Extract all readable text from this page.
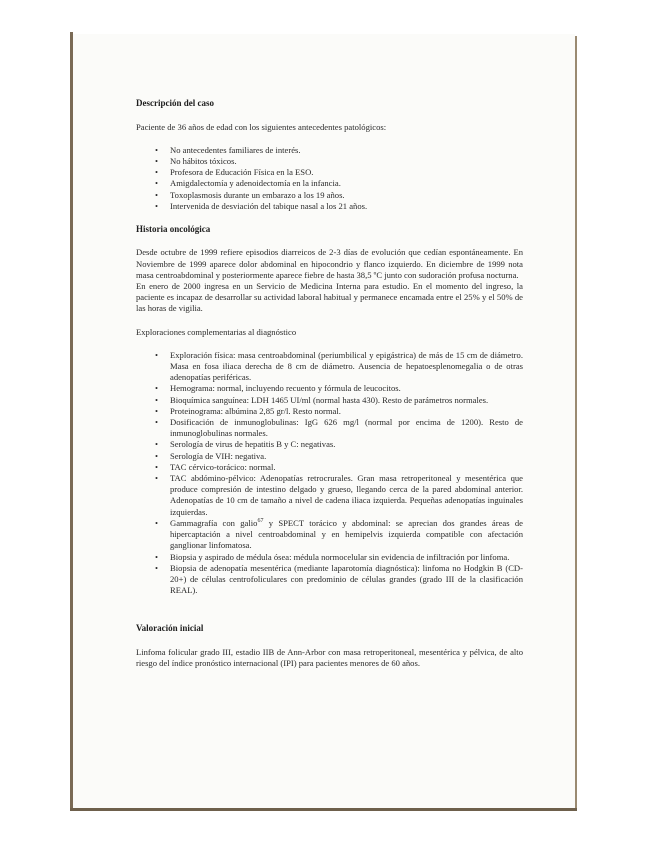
Descripción del caso

Paciente de 36 años de edad con los siguientes antecedentes patológicos:

• No antecedentes familiares de interés.
• No hábitos tóxicos.
• Profesora de Educación Física en la ESO.
• Amigdalectomía y adenoidectomía en la infancia.
• Toxoplasmosis durante un embarazo a los 19 años.
• Intervenida de desviación del tabique nasal a los 21 años.
Historia oncológica

Desde octubre de 1999 refiere episodios diarreicos de 2-3 días de evolución que cedían espontáneamente. En Noviembre de 1999 aparece dolor abdominal en hipocondrio y flanco izquierdo. En diciembre de 1999 nota masa centroabdominal y posteriormente aparece fiebre de hasta 38,5 ºC junto con sudoración profusa nocturna.

En enero de 2000 ingresa en un Servicio de Medicina Interna para estudio. En el momento del ingreso, la paciente es incapaz de desarrollar su actividad laboral habitual y permanece encamada entre el 25% y el 50% de las horas de vigilia.

Exploraciones complementarias al diagnóstico

• Exploración física: masa centroabdominal (periumbilical y epigástrica) de más de 15 cm de diámetro. Masa en fosa iliaca derecha de 8 cm de diámetro. Ausencia de hepatoesplenomegalia o de otras adenopatías periféricas.
• Hemograma: normal, incluyendo recuento y fórmula de leucocitos.
• Bioquímica sanguínea: LDH 1465 UI/ml (normal hasta 430). Resto de parámetros normales.
• Proteinograma: albúmina 2,85 gr/l. Resto normal.
• Dosificación de inmunoglobulinas: IgG 626 mg/l (normal por encima de 1200). Resto de inmunoglobulinas normales.
• Serología de virus de hepatitis B y C: negativas.
• Serología de VIH: negativa.
• TAC cérvico-torácico: normal.
• TAC abdómino-pélvico: Adenopatías retrocrurales. Gran masa retroperitoneal y mesentérica que produce compresión de intestino delgado y grueso, llegando cerca de la pared abdominal anterior. Adenopatías de 10 cm de tamaño a nivel de cadena iliaca izquierda. Pequeñas adenopatías inguinales izquierdas.
• Gammagrafía con galio$^{67}$ y SPECT torácico y abdominal: se aprecian dos grandes áreas de hipercaptación a nivel centroabdominal y en hemipelvis izquierda compatible con afectación ganglionar linfomatosa.
• Biopsia y aspirado de médula ósea: médula normocelular sin evidencia de infiltración por linfoma.
• Biopsia de adenopatía mesentérica (mediante laparotomía diagnóstica): linfoma no Hodgkin B (CD-20+) de células centrofoliculares con predominio de células grandes (grado III de la clasificación REAL).
Valoración inicial

Linfoma folicular grado III, estadio IIB de Ann-Arbor con masa retroperitoneal, mesentérica y pélvica, de alto riesgo del índice pronóstico internacional (IPI) para pacientes menores de 60 años.
